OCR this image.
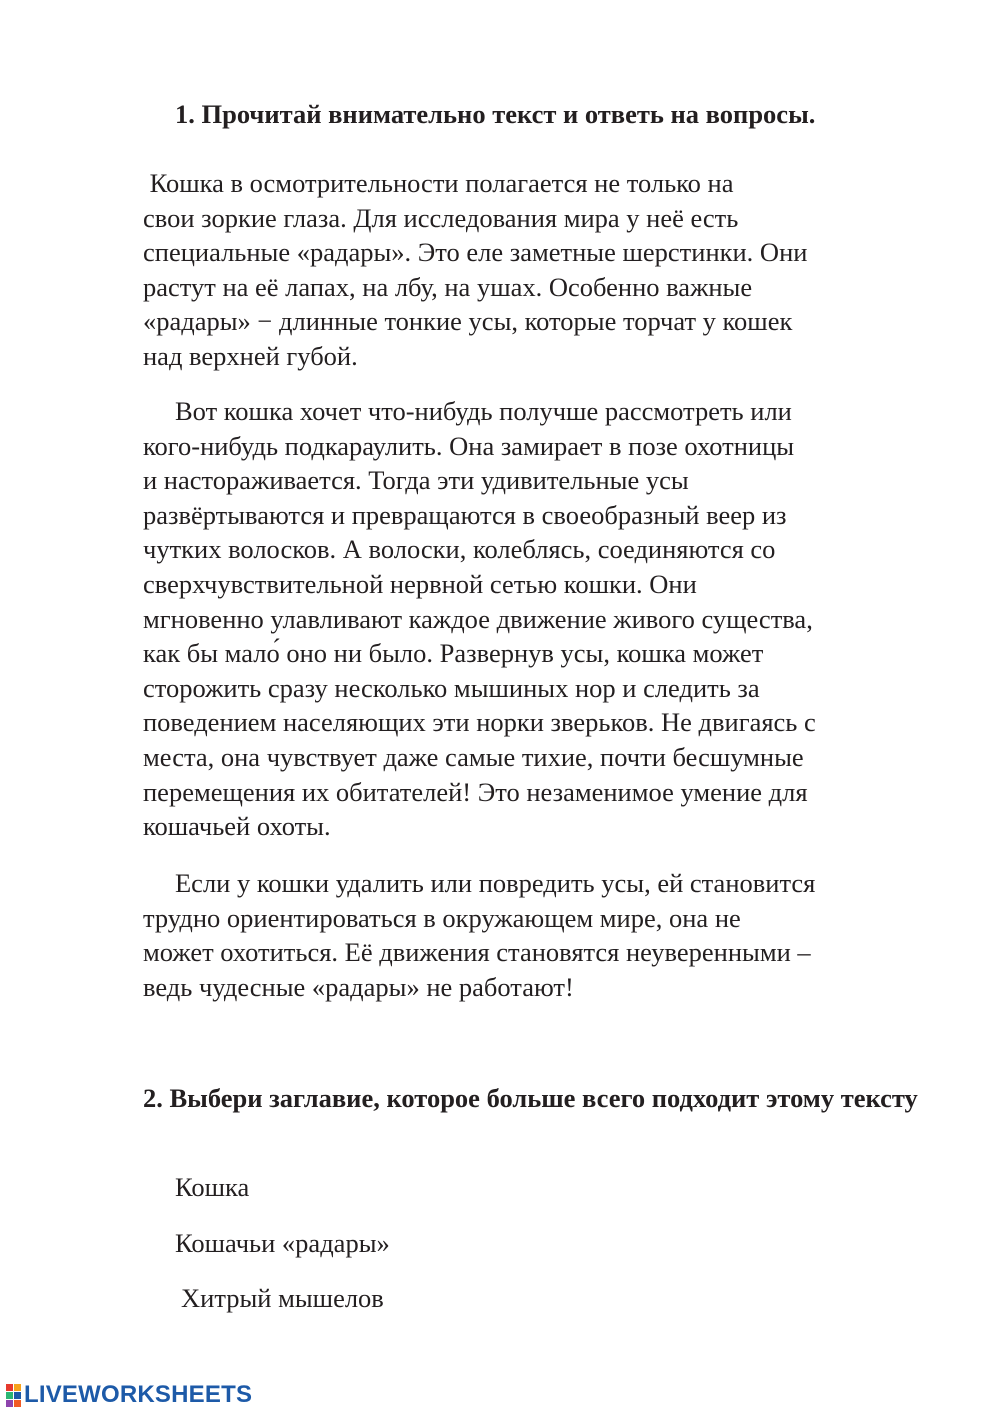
1. Прочитай внимательно текст и ответь на вопросы.
Кошка в осмотрительности полагается не только на
свои зоркие глаза. Для исследования мира у неё есть
специальные «радары». Это еле заметные шерстинки. Они
растут на её лапах, на лбу, на ушах. Особенно важные
«радары» − длинные тонкие усы, которые торчат у кошек
над верхней губой.
Вот кошка хочет что-нибудь получше рассмотреть или
кого-нибудь подкараулить. Она замирает в позе охотницы
и настораживается. Тогда эти удивительные усы
развёртываются и превращаются в своеобразный веер из
чутких волосков. А волоски, колеблясь, соединяются со
сверхчувствительной нервной сетью кошки. Они
мгновенно улавливают каждое движение живого существа,
как бы мало́ оно ни было. Развернув усы, кошка может
сторожить сразу несколько мышиных нор и следить за
поведением населяющих эти норки зверьков. Не двигаясь с
места, она чувствует даже самые тихие, почти бесшумные
перемещения их обитателей! Это незаменимое умение для
кошачьей охоты.
Если у кошки удалить или повредить усы, ей становится
трудно ориентироваться в окружающем мире, она не
может охотиться. Её движения становятся неуверенными –
ведь чудесные «радары» не работают!
2. Выбери заглавие, которое больше всего подходит этому тексту
Кошка
Кошачьи «радары»
Хитрый мышелов
LIVEWORKSHEETS
